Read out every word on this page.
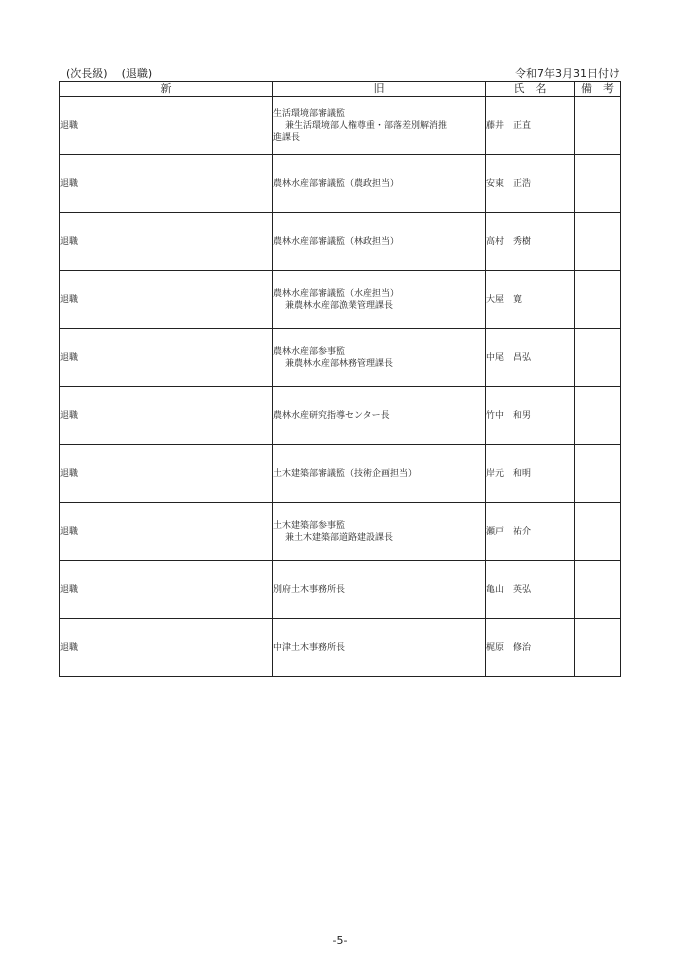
(次長級)    (退職)	令和7年3月31日付け
新	旧	氏　名	備　考
退職	生活環境部審議監
兼生活環境部人権尊重・部落差別解消推
進課長	藤井　正直	
退職	農林水産部審議監（農政担当）	安東　正浩	
退職	農林水産部審議監（林政担当）	高村　秀樹	
退職	農林水産部審議監（水産担当）
兼農林水産部漁業管理課長	大屋　寛	
退職	農林水産部参事監
兼農林水産部林務管理課長	中尾　昌弘	
退職	農林水産研究指導センター長	竹中　和男	
退職	土木建築部審議監（技術企画担当）	岸元　和明	
退職	土木建築部参事監
兼土木建築部道路建設課長	瀬戸　祐介	
退職	別府土木事務所長	亀山　英弘	
退職	中津土木事務所長	梶原　修治	
-5-
